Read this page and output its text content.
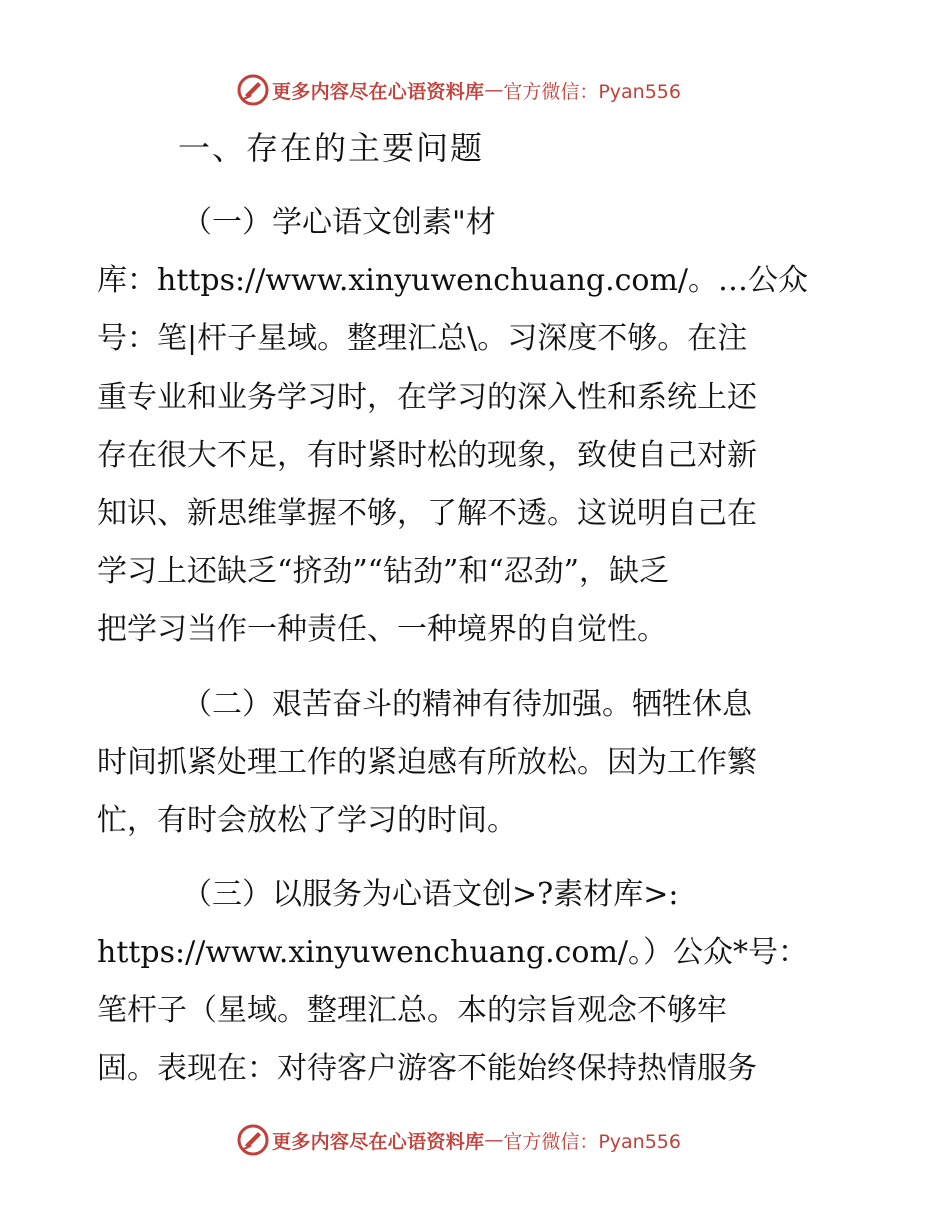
更多内容尽在心语资料库 — 官方微信：Pyan556
一、存在的主要问题
（一）学心语文创素"材
库：https://www.xinyuwenchuang.com/。…公众
号：笔|杆子星域。整理汇总\。习深度不够。在注
重专业和业务学习时，在学习的深入性和系统上还
存在很大不足，有时紧时松的现象，致使自己对新
知识、新思维掌握不够，了解不透。这说明自己在
学习上还缺乏“挤劲”“钻劲”和“忍劲”，缺乏
把学习当作一种责任、一种境界的自觉性。
（二）艰苦奋斗的精神有待加强。牺牲休息
时间抓紧处理工作的紧迫感有所放松。因为工作繁
忙，有时会放松了学习的时间。
（三）以服务为心语文创>?素材库>:
https://www.xinyuwenchuang.com/。）公众*号：
笔杆子（星域。整理汇总。本的宗旨观念不够牢
固。表现在：对待客户游客不能始终保持热情服务
更多内容尽在心语资料库 — 官方微信：Pyan556
